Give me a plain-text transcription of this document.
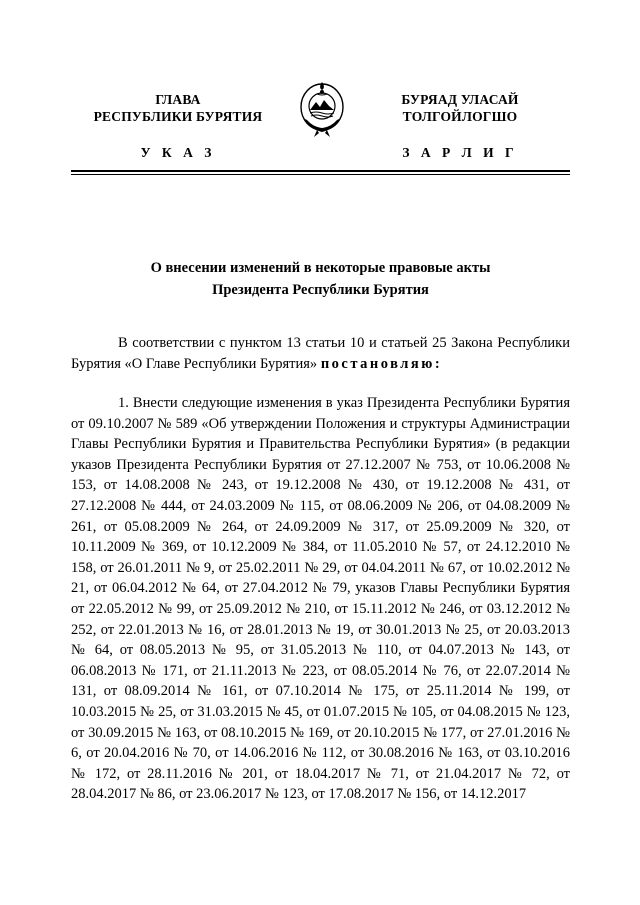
ГЛАВА
РЕСПУБЛИКИ БУРЯТИЯ
У К А З
БУРЯАД УЛАСАЙ
ТОЛГОЙЛОГШО
З А Р Л И Г
О внесении изменений в некоторые правовые акты
Президента Республики Бурятия

В соответствии с пунктом 13 статьи 10 и статьей 25 Закона Республики Бурятия «О Главе Республики Бурятия» постановляю:

1. Внести следующие изменения в указ Президента Республики Бурятия от 09.10.2007 № 589 «Об утверждении Положения и структуры Администрации Главы Республики Бурятия и Правительства Республики Бурятия» (в редакции указов Президента Республики Бурятия от 27.12.2007 № 753, от 10.06.2008 № 153, от 14.08.2008 № 243, от 19.12.2008 № 430, от 19.12.2008 № 431, от 27.12.2008 № 444, от 24.03.2009 № 115, от 08.06.2009 № 206, от 04.08.2009 № 261, от 05.08.2009 № 264, от 24.09.2009 № 317, от 25.09.2009 № 320, от 10.11.2009 № 369, от 10.12.2009 № 384, от 11.05.2010 № 57, от 24.12.2010 № 158, от 26.01.2011 № 9, от 25.02.2011 № 29, от 04.04.2011 № 67, от 10.02.2012 № 21, от 06.04.2012 № 64, от 27.04.2012 № 79, указов Главы Республики Бурятия от 22.05.2012 № 99, от 25.09.2012 № 210, от 15.11.2012 № 246, от 03.12.2012 № 252, от 22.01.2013 № 16, от 28.01.2013 № 19, от 30.01.2013 № 25, от 20.03.2013 № 64, от 08.05.2013 № 95, от 31.05.2013 № 110, от 04.07.2013 № 143, от 06.08.2013 № 171, от 21.11.2013 № 223, от 08.05.2014 № 76, от 22.07.2014 № 131, от 08.09.2014 № 161, от 07.10.2014 № 175, от 25.11.2014 № 199, от 10.03.2015 № 25, от 31.03.2015 № 45, от 01.07.2015 № 105, от 04.08.2015 № 123, от 30.09.2015 № 163, от 08.10.2015 № 169, от 20.10.2015 № 177, от 27.01.2016 № 6, от 20.04.2016 № 70, от 14.06.2016 № 112, от 30.08.2016 № 163, от 03.10.2016 № 172, от 28.11.2016 № 201, от 18.04.2017 № 71, от 21.04.2017 № 72, от 28.04.2017 № 86, от 23.06.2017 № 123, от 17.08.2017 № 156, от 14.12.2017
